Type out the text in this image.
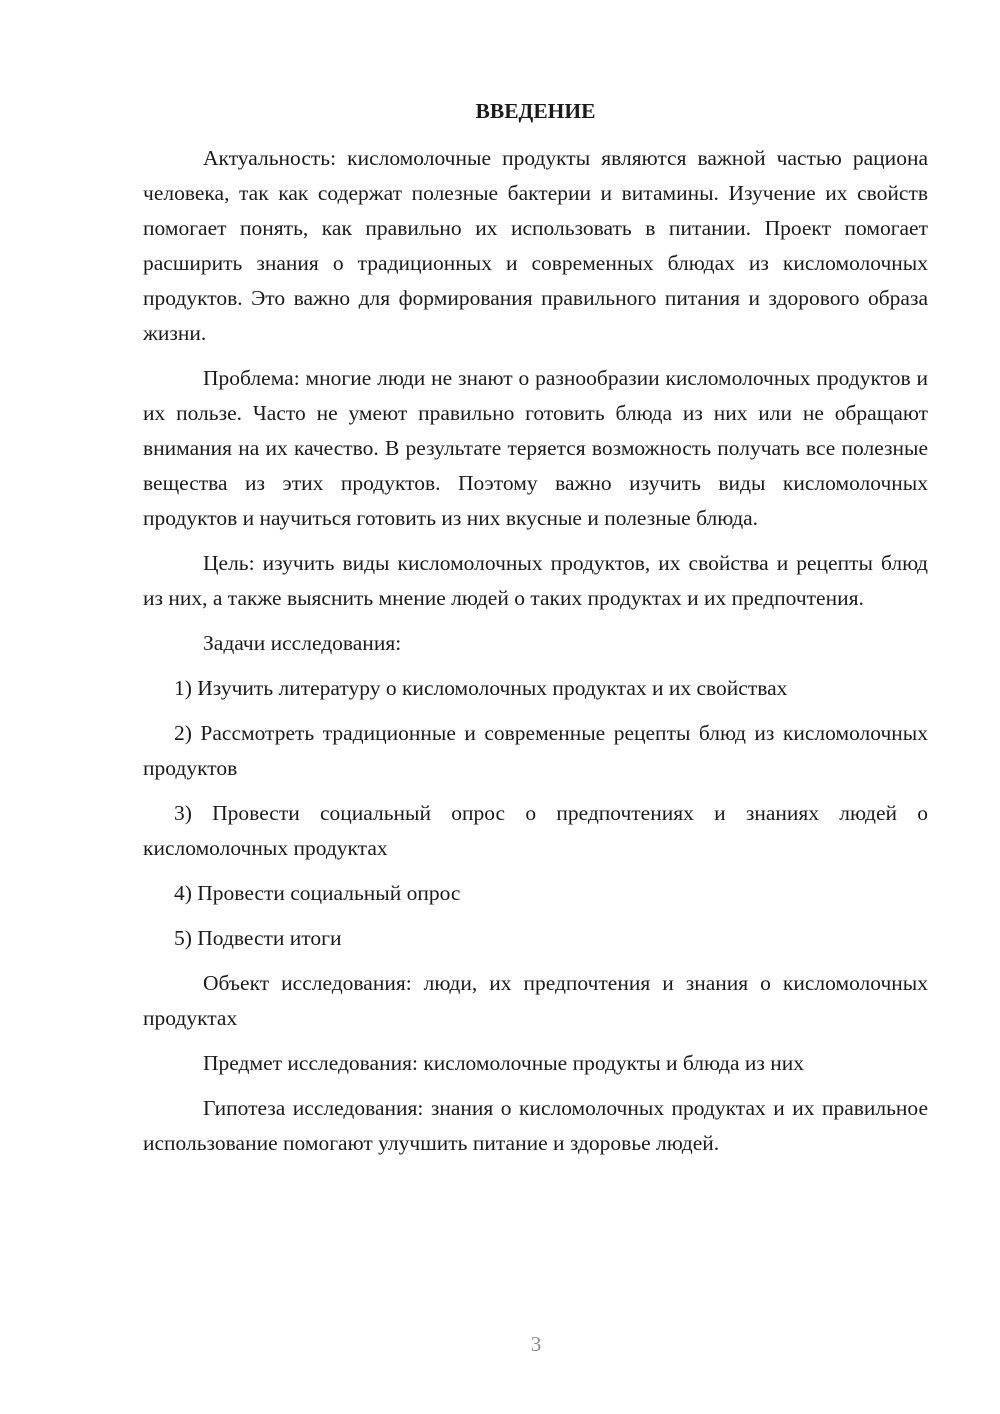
ВВЕДЕНИЕ

Актуальность: кисломолочные продукты являются важной частью рациона человека, так как содержат полезные бактерии и витамины. Изучение их свойств помогает понять, как правильно их использовать в питании. Проект помогает расширить знания о традиционных и современных блюдах из кисломолочных продуктов. Это важно для формирования правильного питания и здорового образа жизни.

Проблема: многие люди не знают о разнообразии кисломолочных продуктов и их пользе. Часто не умеют правильно готовить блюда из них или не обращают внимания на их качество. В результате теряется возможность получать все полезные вещества из этих продуктов. Поэтому важно изучить виды кисломолочных продуктов и научиться готовить из них вкусные и полезные блюда.

Цель: изучить виды кисломолочных продуктов, их свойства и рецепты блюд из них, а также выяснить мнение людей о таких продуктах и их предпочтения.

Задачи исследования:

1) Изучить литературу о кисломолочных продуктах и их свойствах

2) Рассмотреть традиционные и современные рецепты блюд из кисломолочных продуктов

3) Провести социальный опрос о предпочтениях и знаниях людей о кисломолочных продуктах

4) Провести социальный опрос

5) Подвести итоги

Объект исследования: люди, их предпочтения и знания о кисломолочных продуктах

Предмет исследования: кисломолочные продукты и блюда из них

Гипотеза исследования: знания о кисломолочных продуктах и их правильное использование помогают улучшить питание и здоровье людей.

3
